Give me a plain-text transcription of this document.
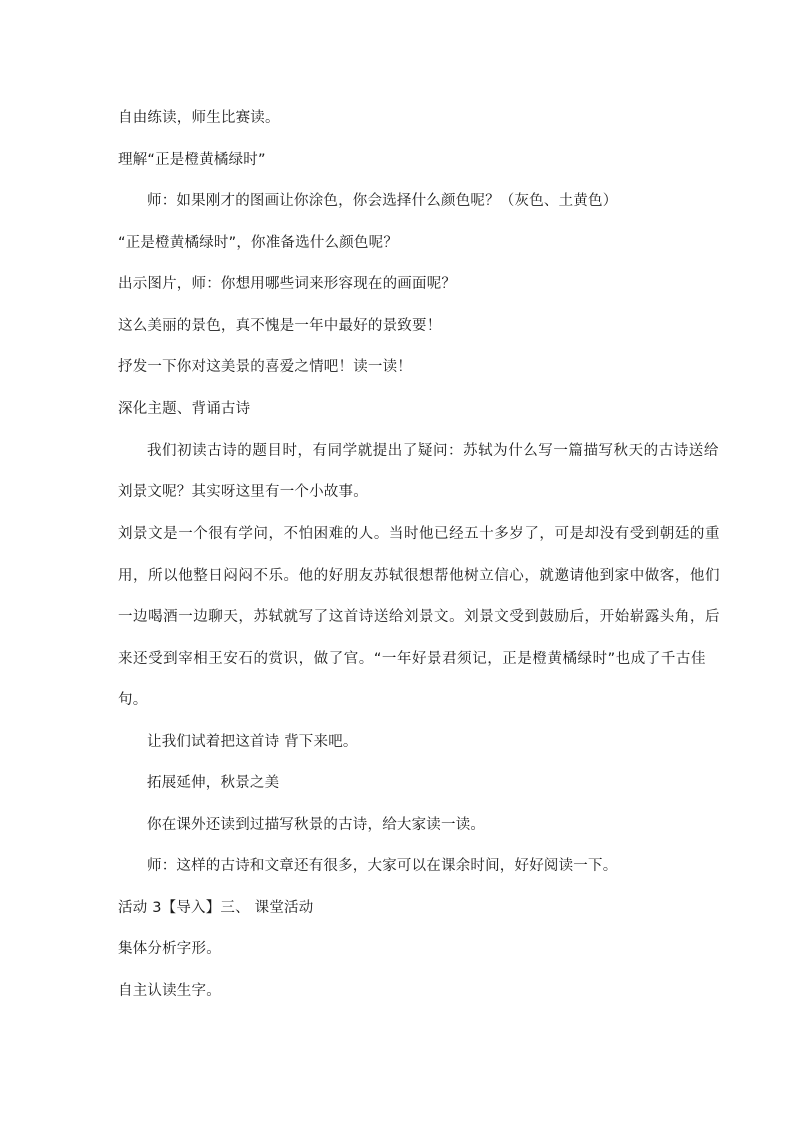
自由练读，师生比赛读。
理解“正是橙黄橘绿时”
师：如果刚才的图画让你涂色，你会选择什么颜色呢？（灰色、土黄色）
“正是橙黄橘绿时”，你准备选什么颜色呢？
出示图片，师：你想用哪些词来形容现在的画面呢？
这么美丽的景色，真不愧是一年中最好的景致要！
抒发一下你对这美景的喜爱之情吧！读一读！
深化主题、背诵古诗
我们初读古诗的题目时，有同学就提出了疑问：苏轼为什么写一篇描写秋天的古诗送给
刘景文呢？其实呀这里有一个小故事。
刘景文是一个很有学问，不怕困难的人。当时他已经五十多岁了，可是却没有受到朝廷的重
用，所以他整日闷闷不乐。他的好朋友苏轼很想帮他树立信心，就邀请他到家中做客，他们
一边喝酒一边聊天，苏轼就写了这首诗送给刘景文。刘景文受到鼓励后，开始崭露头角，后
来还受到宰相王安石的赏识，做了官。“一年好景君须记，正是橙黄橘绿时”也成了千古佳
句。
让我们试着把这首诗 背下来吧。
拓展延伸，秋景之美
你在课外还读到过描写秋景的古诗，给大家读一读。
师：这样的古诗和文章还有很多，大家可以在课余时间，好好阅读一下。
活动 3【导入】三、 课堂活动
集体分析字形。
自主认读生字。
